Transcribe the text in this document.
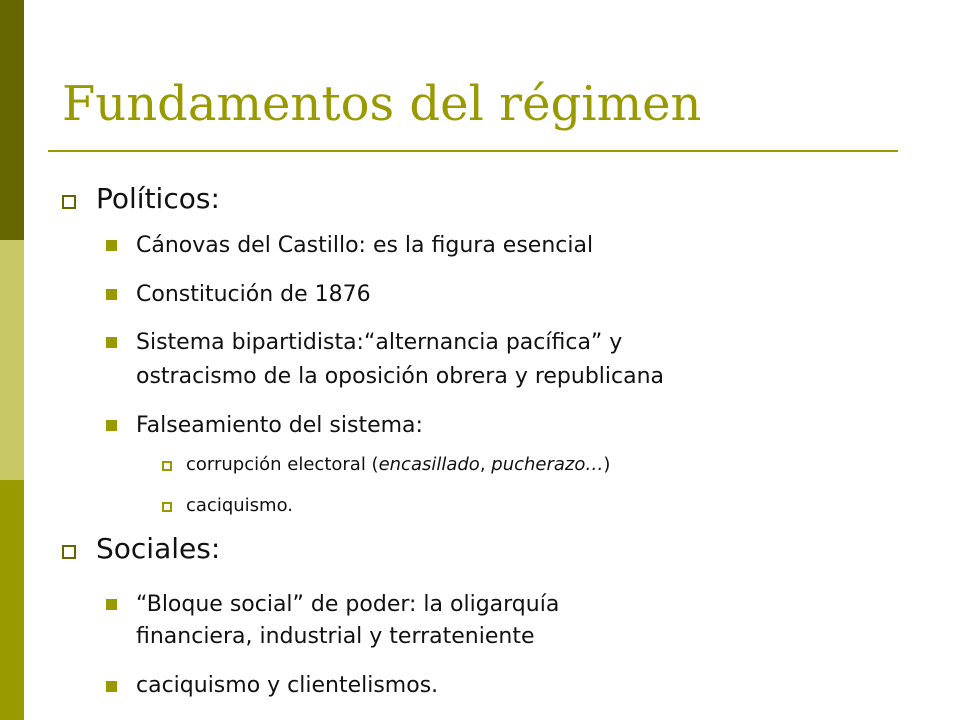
Fundamentos del régimen
Políticos:
Cánovas del Castillo: es la figura esencial
Constitución de 1876
Sistema bipartidista:“alternancia pacífica” y
ostracismo de la oposición obrera y republicana
Falseamiento del sistema:
corrupción electoral (encasillado, pucherazo…)
caciquismo.
Sociales:
“Bloque social” de poder: la oligarquía
financiera, industrial y terrateniente
caciquismo y clientelismos.
